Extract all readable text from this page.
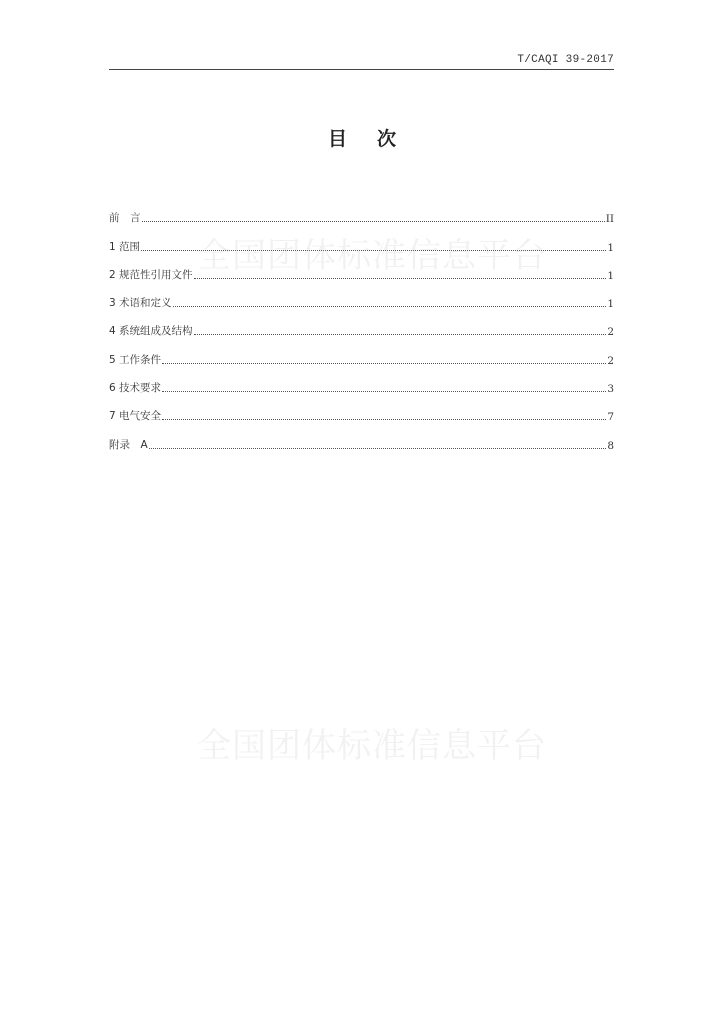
T/CAQI 39-2017
目 次
前　言	II
1 范围	1
2 规范性引用文件	1
3 术语和定义	1
4 系统组成及结构	2
5 工作条件	2
6 技术要求	3
7 电气安全	7
附录　A	8
全国团体标准信息平台
全国团体标准信息平台
